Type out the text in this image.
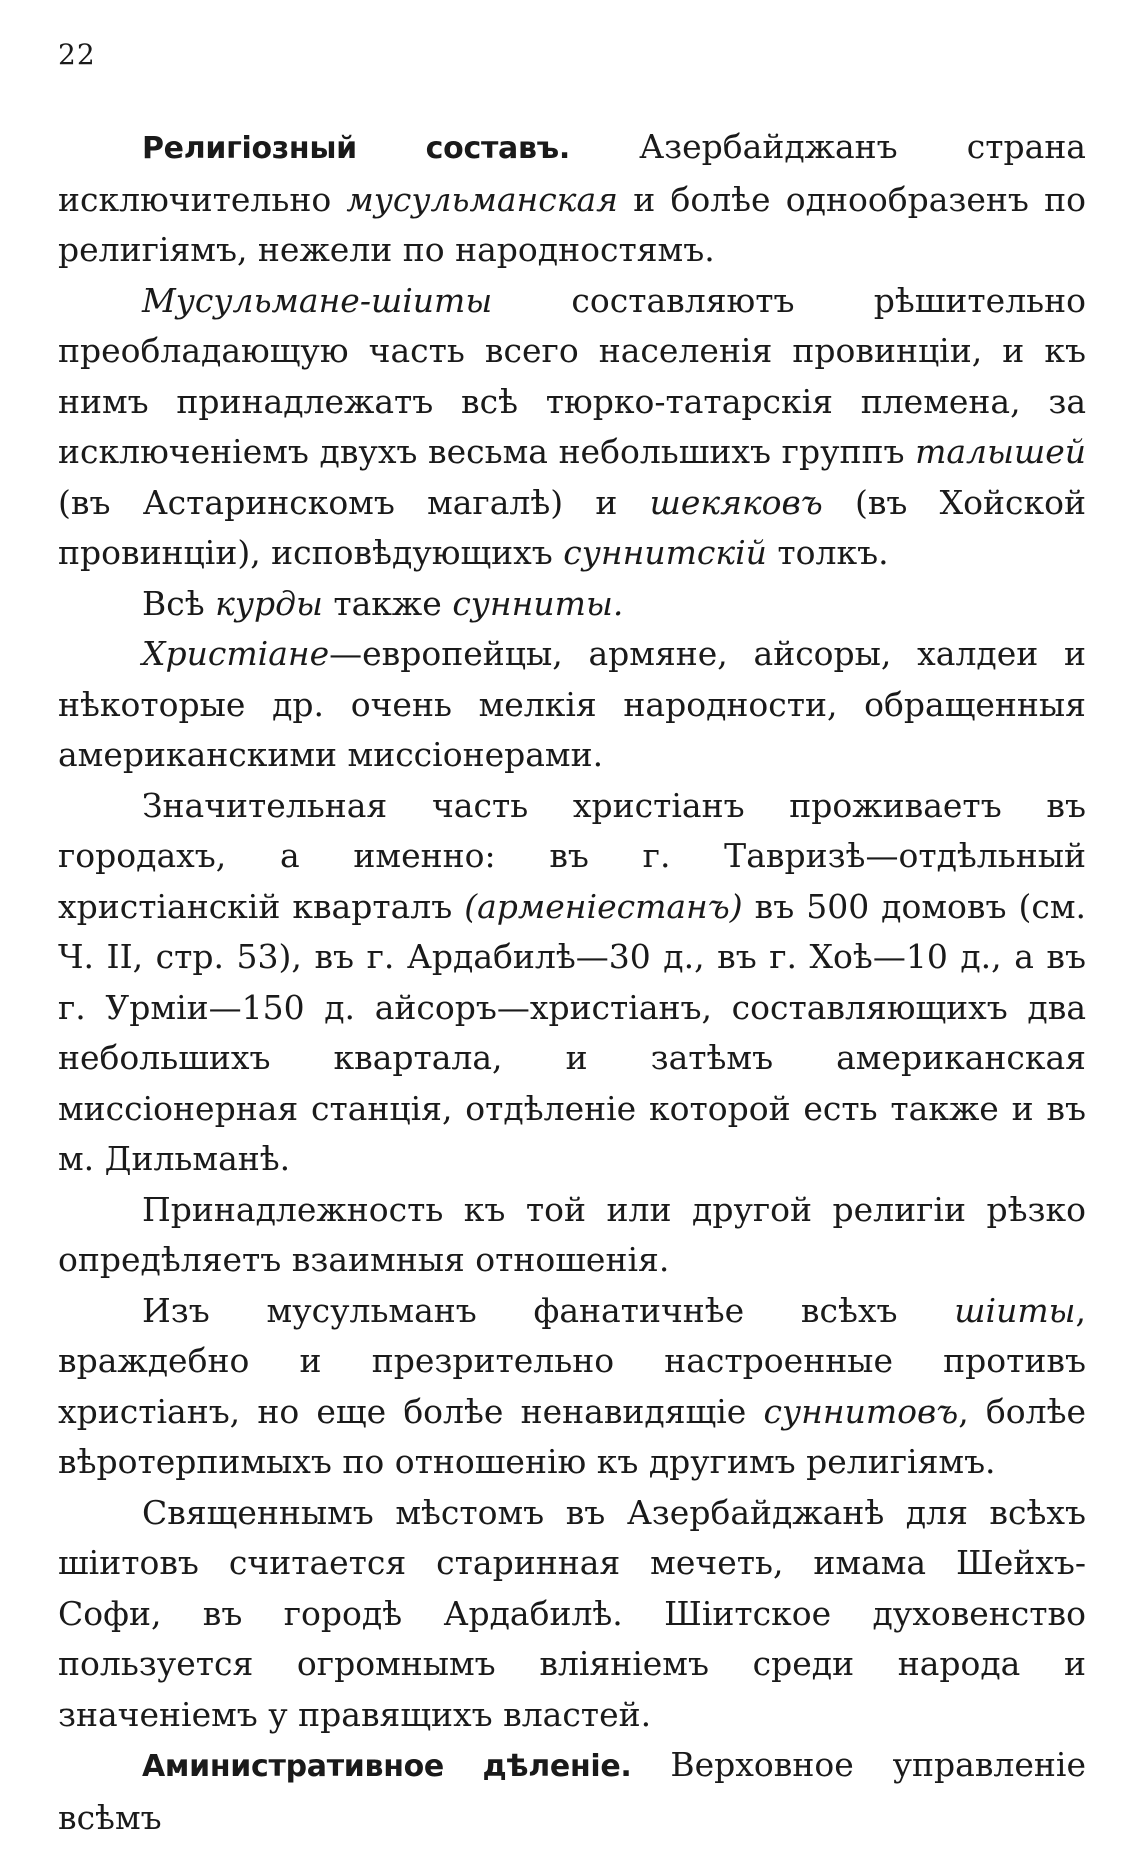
22

Религіозный составъ. Азербайджанъ страна исключительно мусульманская и болѣе однообразенъ по религіямъ, нежели по народностямъ.

Мусульмане-шіиты составляютъ рѣшительно преобладающую часть всего населенія провинціи, и къ нимъ принадлежатъ всѣ тюрко-татарскія племена, за исключеніемъ двухъ весьма небольшихъ группъ талышей (въ Астаринскомъ магалѣ) и шекяковъ (въ Хойской провинціи), исповѣдующихъ суннитскій толкъ.

Всѣ курды также сунниты.

Христіане—европейцы, армяне, айсоры, халдеи и нѣкоторые др. очень мелкія народности, обращенныя американскими миссіонерами.

Значительная часть христіанъ проживаетъ въ городахъ, а именно: въ г. Тавризѣ—отдѣльный христіанскій кварталъ (арменіестанъ) въ 500 домовъ (см. Ч. II, стр. 53), въ г. Ардабилѣ—30 д., въ г. Хоѣ—10 д., а въ г. Урміи—150 д. айсоръ—христіанъ, составляющихъ два небольшихъ квартала, и затѣмъ американская миссіонерная станція, отдѣленіе которой есть также и въ м. Дильманѣ.

Принадлежность къ той или другой религіи рѣзко опредѣляетъ взаимныя отношенія.

Изъ мусульманъ фанатичнѣе всѣхъ шіиты, враждебно и презрительно настроенные противъ христіанъ, но еще болѣе ненавидящіе суннитовъ, болѣе вѣротерпимыхъ по отношенію къ другимъ религіямъ.

Священнымъ мѣстомъ въ Азербайджанѣ для всѣхъ шіитовъ считается старинная мечеть, имама Шейхъ-Софи, въ городѣ Ардабилѣ. Шіитское духовенство пользуется огромнымъ вліяніемъ среди народа и значеніемъ у правящихъ властей.

Аминистративное дѣленіе. Верховное управленіе всѣмъ
